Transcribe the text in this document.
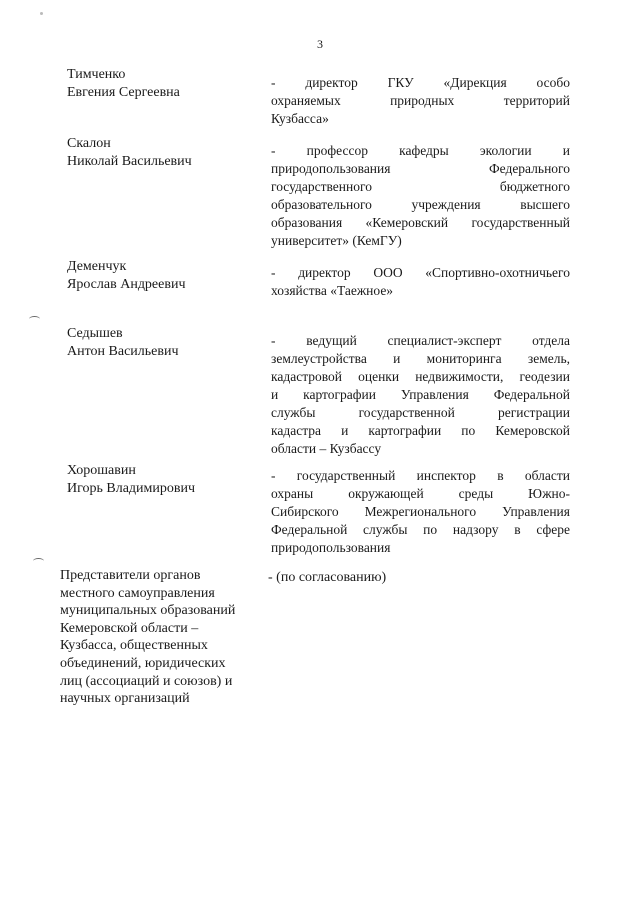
3
Тимченко
Евгения Сергеевна
- директор ГКУ «Дирекция особо
охраняемых природных территорий
Кузбасса»
Скалон
Николай Васильевич
- профессор кафедры экологии и
природопользования Федерального
государственного бюджетного
образовательного учреждения высшего
образования «Кемеровский государственный
университет» (КемГУ)
Деменчук
Ярослав Андреевич
- директор ООО «Спортивно-охотничьего
хозяйства «Таежное»
Седышев
Антон Васильевич
- ведущий специалист-эксперт отдела
землеустройства и мониторинга земель,
кадастровой оценки недвижимости, геодезии
и картографии Управления Федеральной
службы государственной регистрации
кадастра и картографии по Кемеровской
области – Кузбассу
Хорошавин
Игорь Владимирович
- государственный инспектор в области
охраны окружающей среды Южно-
Сибирского Межрегионального Управления
Федеральной службы по надзору в сфере
природопользования
Представители органов
местного самоуправления
муниципальных образований
Кемеровской области –
Кузбасса, общественных
объединений, юридических
лиц (ассоциаций и союзов) и
научных организаций
- (по согласованию)
